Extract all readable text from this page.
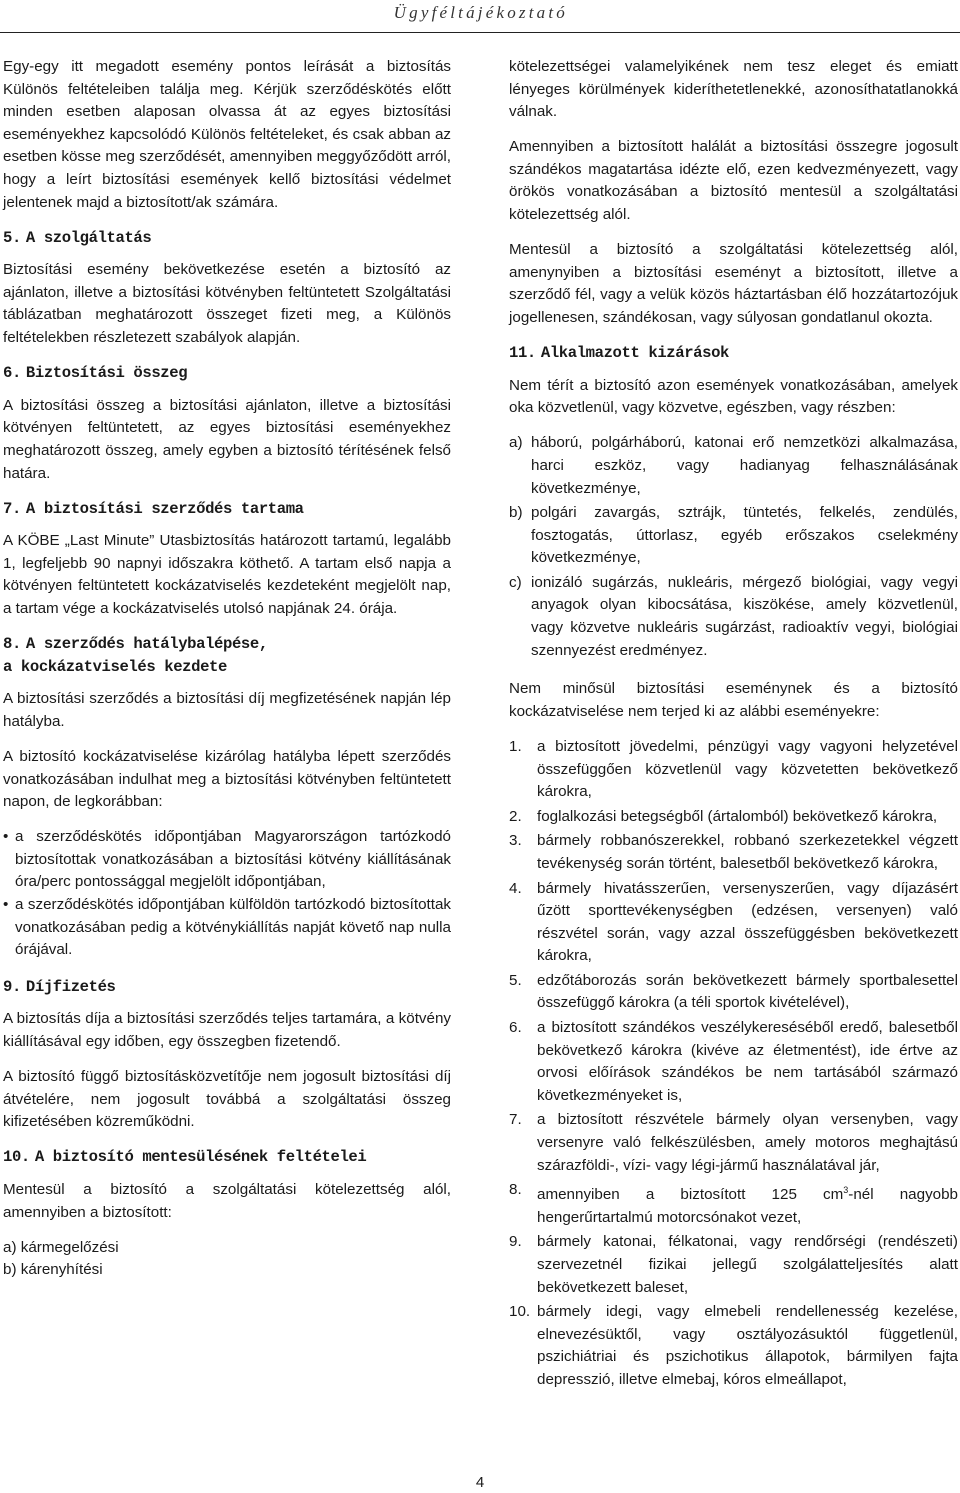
Ügyféltájékoztató

Egy-egy itt megadott esemény pontos leírását a biztosítás Különös feltételeiben találja meg. Kérjük szerződéskötés előtt minden esetben alaposan olvassa át az egyes biztosítási eseményekhez kapcsolódó Különös feltételeket, és csak abban az esetben kösse meg szerződését, amennyiben meggyőződött arról, hogy a leírt biztosítási események kellő biztosítási védelmet jelentenek majd a biztosított/ak számára.

5. A szolgáltatás

Biztosítási esemény bekövetkezése esetén a biztosító az ajánlaton, illetve a biztosítási kötvényben feltüntetett Szolgáltatási táblázatban meghatározott összeget fizeti meg, a Különös feltételekben részletezett szabályok alapján.

6. Biztosítási összeg

A biztosítási összeg a biztosítási ajánlaton, illetve a biztosítási kötvényen feltüntetett, az egyes biztosítási eseményekhez meghatározott összeg, amely egyben a biztosító térítésének felső határa.

7. A biztosítási szerződés tartama

A KÖBE „Last Minute” Utasbiztosítás határozott tartamú, legalább 1, legfeljebb 90 napnyi időszakra köthető. A tartam első napja a kötvényen feltüntetett kockázatviselés kezdeteként megjelölt nap, a tartam vége a kockázatviselés utolsó napjának 24. órája.

8. A szerződés hatálybalépése,
a kockázatviselés kezdete

A biztosítási szerződés a biztosítási díj megfizetésének napján lép hatályba.

A biztosító kockázatviselése kizárólag hatályba lépett szerződés vonatkozásában indulhat meg a biztosítási kötvényben feltüntetett napon, de legkorábban:

• a szerződéskötés időpontjában Magyarországon tartózkodó biztosítottak vonatkozásában a biztosítási kötvény kiállításának óra/perc pontossággal megjelölt időpontjában,
• a szerződéskötés időpontjában külföldön tartózkodó biztosítottak vonatkozásában pedig a kötvénykiállítás napját követő nap nulla órájával.
9. Díjfizetés

A biztosítás díja a biztosítási szerződés teljes tartamára, a kötvény kiállításával egy időben, egy összegben fizetendő.

A biztosító függő biztosításközvetítője nem jogosult biztosítási díj átvételére, nem jogosult továbbá a szolgáltatási összeg kifizetésében közreműködni.

10. A biztosító mentesülésének feltételei

Mentesül a biztosító a szolgáltatási kötelezettség alól, amennyiben a biztosított:

a) kármegelőzési
b) kárenyhítési

kötelezettségei valamelyikének nem tesz eleget és emiatt lényeges körülmények kideríthetetlenekké, azonosíthatatlanokká válnak.

Amennyiben a biztosított halálát a biztosítási összegre jogosult szándékos magatartása idézte elő, ezen kedvezményezett, vagy örökös vonatkozásában a biztosító mentesül a szolgáltatási kötelezettség alól.

Mentesül a biztosító a szolgáltatási kötelezettség alól, amenynyiben a biztosítási eseményt a biztosított, illetve a szerződő fél, vagy a velük közös háztartásban élő hozzátartozójuk jogellenesen, szándékosan, vagy súlyosan gondatlanul okozta.

11. Alkalmazott kizárások

Nem térít a biztosító azon események vonatkozásában, amelyek oka közvetlenül, vagy közvetve, egészben, vagy részben:

a) háború, polgárháború, katonai erő nemzetközi alkalmazása, harci eszköz, vagy hadianyag felhasználásának következménye,
b) polgári zavargás, sztrájk, tüntetés, felkelés, zendülés, fosztogatás, úttorlasz, egyéb erőszakos cselekmény következménye,
c) ionizáló sugárzás, nukleáris, mérgező biológiai, vagy vegyi anyagok olyan kibocsátása, kiszökése, amely közvetlenül, vagy közvetve nukleáris sugárzást, radioaktív vegyi, biológiai szennyezést eredményez.

Nem minősül biztosítási eseménynek és a biztosító kockázatviselése nem terjed ki az alábbi eseményekre:

1. a biztosított jövedelmi, pénzügyi vagy vagyoni helyzetével összefüggően közvetlenül vagy közvetetten bekövetkező károkra,
2. foglalkozási betegségből (ártalomból) bekövetkező károkra,
3. bármely robbanószerekkel, robbanó szerkezetekkel végzett tevékenység során történt, balesetből bekövetkező károkra,
4. bármely hivatásszerűen, versenyszerűen, vagy díjazásért űzött sporttevékenységben (edzésen, versenyen) való részvétel során, vagy azzal összefüggésben bekövetkezett károkra,
5. edzőtáborozás során bekövetkezett bármely sportbalesettel összefüggő károkra (a téli sportok kivételével),
6. a biztosított szándékos veszélykereséséből eredő, balesetből bekövetkező károkra (kivéve az életmentést), ide értve az orvosi előírások szándékos be nem tartásából származó következményeket is,
7. a biztosított részvétele bármely olyan versenyben, vagy versenyre való felkészülésben, amely motoros meghajtású szárazföldi-, vízi- vagy légi-jármű használatával jár,
8. amennyiben a biztosított 125 $cm^3$-nél nagyobb hengerűrtartalmú motorcsónakot vezet,
9. bármely katonai, félkatonai, vagy rendőrségi (rendészeti) szervezetnél fizikai jellegű szolgálatteljesítés alatt bekövetkezett baleset,
10. bármely idegi, vagy elmebeli rendellenesség kezelése, elnevezésüktől, vagy osztályozásuktól függetlenül, pszichiátriai és pszichotikus állapotok, bármilyen fajta depresszió, illetve elmebaj, kóros elmeállapot,
4
